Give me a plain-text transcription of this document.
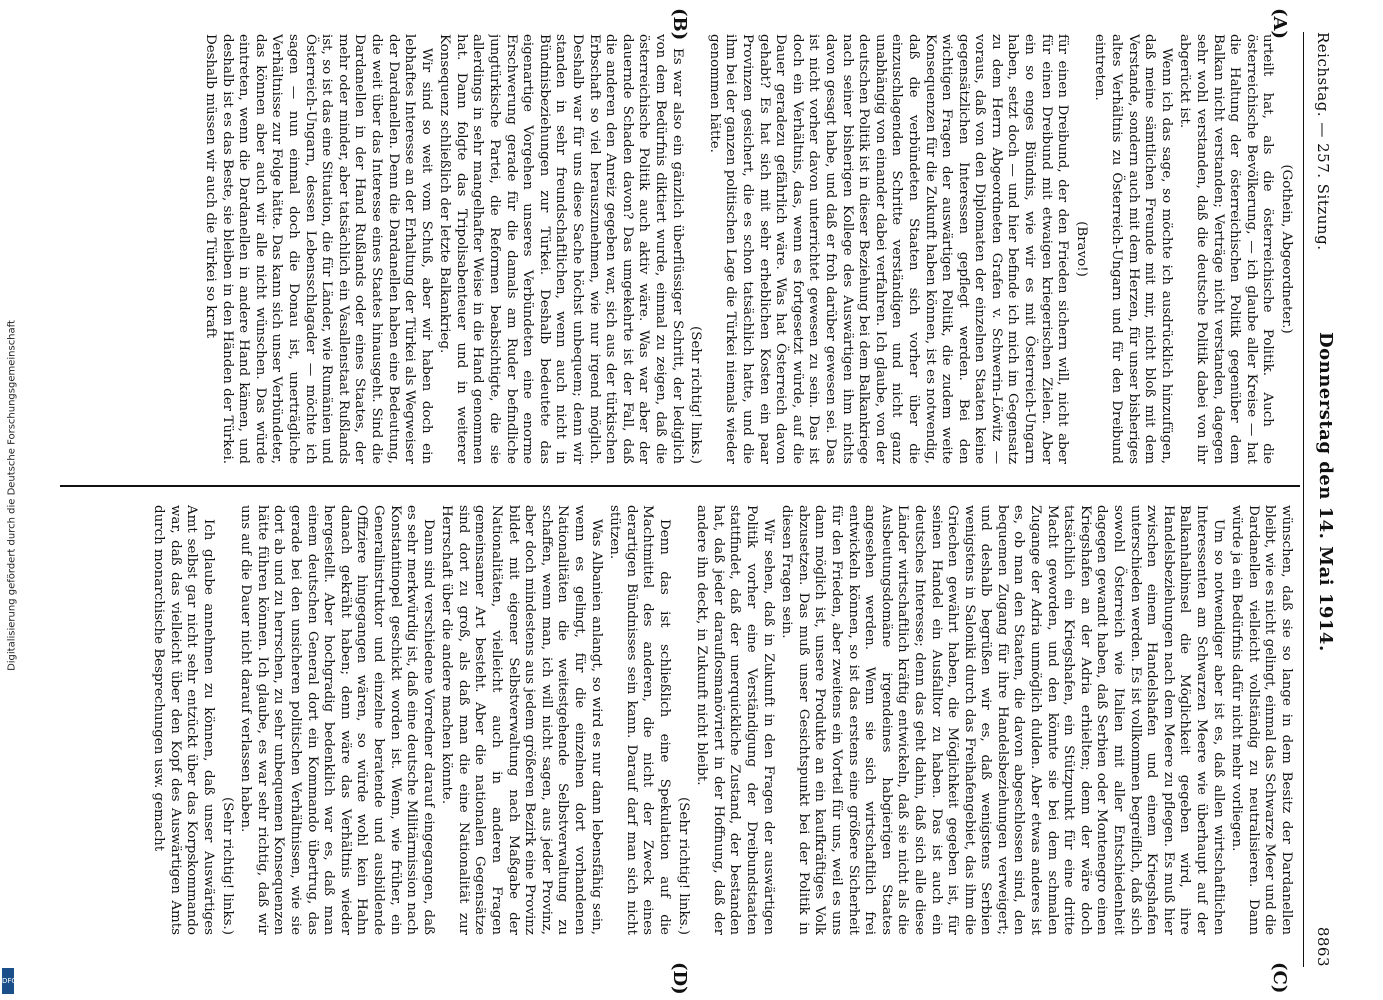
Digitalisierung gefördert durch die Deutsche Forschungsgemeinschaft
DFG
Reichstag. — 257. Sitzung.
Donnerstag den 14. Mai 1914.
8863
(A)
(B)
(C)
(D)

(Gothein, Abgeordneter.)

urteilt hat, als die österreichische Politik. Auch die österreichische Bevölkerung, — ich glaube aller Kreise — hat die Haltung der österreichischen Politik gegenüber dem Balkan nicht verstanden; Verträge nicht verstanden, dagegen sehr wohl verstanden, daß die deutsche Politik dabei von ihr abgerückt ist.

Wenn ich das sage, so möchte ich ausdrücklich hinzufügen, daß meine sämtlichen Freunde mit mir, nicht bloß mit dem Verstande, sondern auch mit dem Herzen, für unser bisheriges altes Verhältnis zu Österreich-Ungarn und für den Dreibund eintreten.

(Bravo!)

für einen Dreibund, der den Frieden sichern will, nicht aber für einen Dreibund mit etwaigen kriegerischen Zielen. Aber ein so enges Bündnis, wie wir es mit Österreich-Ungarn haben, setzt doch — und hier befinde ich mich im Gegensatz zu dem Herrn Abgeordneten Grafen v. Schwerin-Löwitz — voraus, daß von den Diplomaten der einzelnen Staaten keine gegensätzlichen Interessen gepflegt werden. Bei den wichtigen Fragen der auswärtigen Politik, die zudem weite Konsequenzen für die Zukunft haben können, ist es notwendig, daß die verbündeten Staaten sich vorher über die einzuschlagenden Schritte verständigen und nicht ganz unabhängig von einander dabei verfahren. Ich glaube, von der deutschen Politik ist in dieser Beziehung bei dem Balkankriege nach seiner bisherigen Kollege des Auswärtigen ihm nichts davon gesagt habe, und daß er froh darüber gewesen sei. Das ist nicht vorher davon unterrichtet gewesen zu sein. Das ist doch ein Verhältnis, das, wenn es fortgesetzt würde, auf die Dauer geradezu gefährlich wäre. Was hat Österreich davon gehabt? Es hat sich mit sehr erheblichen Kosten ein paar Provinzen gesichert, die es schon tatsächlich hatte, und die ihm bei der ganzen politischen Lage die Türkei niemals wieder genommen hätte.

(Sehr richtig! links.)

Es war also ein gänzlich überflüssiger Schritt, der lediglich von dem Bedürfnis diktiert wurde, einmal zu zeigen, daß die österreichische Politik auch aktiv wäre. Was war aber der dauernde Schaden davon? Das umgekehrte ist der Fall, daß die anderen den Anreiz gegeben war, sich aus der türkischen Erbschaft so viel herauszunehmen, wie nur irgend möglich. Deshalb war für uns diese Sache höchst unbequem; denn wir standen in sehr freundschaftlichen, wenn auch nicht in Bündnisbeziehungen zur Türkei. Deshalb bedeutete das eigenartige Vorgehen unseres Verbündeten eine enorme Erschwerung gerade für die damals am Ruder befindliche jungtürkische Partei, die Reformen beabsichtigte, die sie allerdings in sehr mangelhafter Weise in die Hand genommen hat. Dann folgte das Tripolisabenteuer und in weiterer Konsequenz schließlich der letzte Balkankrieg.

Wir sind so weit vom Schuß, aber wir haben doch ein lebhaftes Interesse an der Erhaltung der Türkei als Wegweiser der Dardanellen. Denn die Dardanellen haben eine Bedeutung, die weit über das Interesse eines Staates hinausgeht. Sind die Dardanellen in der Hand Rußlands oder eines Staates, der mehr oder minder, aber tatsächlich ein Vasallenstaat Rußlands ist, so ist das eine Situation, die für Länder, wie Rumänien und Österreich-Ungarn, dessen Lebensschlagader — möchte ich sagen — nun einmal doch die Donau ist, unerträgliche Verhältnisse zur Folge hätte. Das kann sich unser Verbündeter, das können aber auch wir alle nicht wünschen. Das würde eintreten, wenn die Dardanellen in andere Hand kämen, und deshalb ist es das Beste, sie bleiben in den Händen der Türkei. Deshalb müssen wir auch die Türkei so kraft

wünschen, daß sie so lange in dem Besitz der Dardanellen bleibt, wie es nicht gelingt, einmal das Schwarze Meer und die Dardanellen vielleicht vollständig zu neutralisieren. Dann würde ja ein Bedürfnis dafür nicht mehr vorliegen.

Um so notwendiger aber ist es, daß allen wirtschaftlichen Interessenten am Schwarzen Meere wie überhaupt auf der Balkanhalbinsel die Möglichkeit gegeben wird, ihre Handelsbeziehungen nach dem Meere zu pflegen. Es muß hier zwischen einem Handelshafen und einem Kriegshafen unterschieden werden. Es ist vollkommen begreiflich, daß sich sowohl Österreich wie Italien mit aller Entschiedenheit dagegen gewandt haben, daß Serbien oder Montenegro einen Kriegshafen an der Adria erhielten; denn der wäre doch tatsächlich ein Kriegshafen, ein Stützpunkt für eine dritte Macht geworden, und den könnte sie bei dem schmalen Zugange der Adria unmöglich dulden. Aber etwas anderes ist es, ob man den Staaten, die davon abgeschlossen sind, den bequemen Zugang für ihre Handelsbeziehungen verweigert; und deshalb begrüßen wir es, daß wenigstens Serbien wenigstens in Saloniki durch das Freihafengebiet, das ihm die Griechen gewährt haben, die Möglichkeit gegeben ist, für seinen Handel ein Ausfalltor zu haben. Das ist auch ein deutsches Interesse; denn das geht dahin, daß sich alle diese Länder wirtschaftlich kräftig entwickeln, daß sie nicht als die Ausbeutungsdomäne irgendeines habgierigen Staates angesehen werden. Wenn sie sich wirtschaftlich frei entwickeln können, so ist das erstens eine größere Sicherheit für den Frieden, aber zweitens ein Vorteil für uns, weil es uns dann möglich ist, unsere Produkte an ein kaufkräftiges Volk abzusetzen. Das muß unser Gesichtspunkt bei der Politik in diesen Fragen sein.

Wir sehen, daß in Zukunft in den Fragen der auswärtigen Politik vorher eine Verständigung der Dreibundstaaten stattfindet, daß der unerquickliche Zustand, der bestanden hat, daß jeder darauflosmanövriert in der Hoffnung, daß der andere ihn deckt, in Zukunft nicht bleibt.

(Sehr richtig! links.)

Denn das ist schließlich eine Spekulation auf die Machtmittel des anderen, die nicht der Zweck eines derartigen Bündnisses sein kann. Darauf darf man sich nicht stützen.

Was Albanien anlangt, so wird es nur dann lebensfähig sein, wenn es gelingt, für die einzelnen dort vorhandenen Nationalitäten die weitestgehende Selbstverwaltung zu schaffen, wenn man, ich will nicht sagen, aus jeder Provinz, aber doch mindestens aus jedem größeren Bezirk eine Provinz bildet mit eigener Selbstverwaltung nach Maßgabe der Nationalitäten, vielleicht auch in anderen Fragen gemeinsamer Art besteht. Aber die nationalen Gegensätze sind dort zu groß, als daß man die eine Nationalität zur Herrschaft über die andere machen könnte.

Dann sind verschiedene Vorredner darauf eingegangen, daß es sehr merkwürdig ist, daß eine deutsche Militärmission nach Konstantinopel geschickt worden ist. Wenn, wie früher, ein Generalinstruktor und einzelne beratende und ausbildende Offiziere hingegangen wären, so würde wohl kein Hahn danach gekräht haben; denn wäre das Verhältnis wieder hergestellt. Aber hochgradig bedenklich war es, daß man einem deutschen General dort ein Kommando übertrug, das gerade bei den unsicheren politischen Verhältnissen, wie sie dort ab und zu herrschen, zu sehr unbequemen Konsequenzen hätte führen können. Ich glaube, es war sehr richtig, daß wir uns auf die Dauer nicht darauf verlassen haben.

(Sehr richtig! links.)

Ich glaube annehmen zu können, daß unser Auswärtiges Amt selbst gar nicht sehr entzückt über das Korpskommando war, daß das vielleicht über den Kopf des Auswärtigen Amts durch monarchische Besprechungen usw. gemacht
